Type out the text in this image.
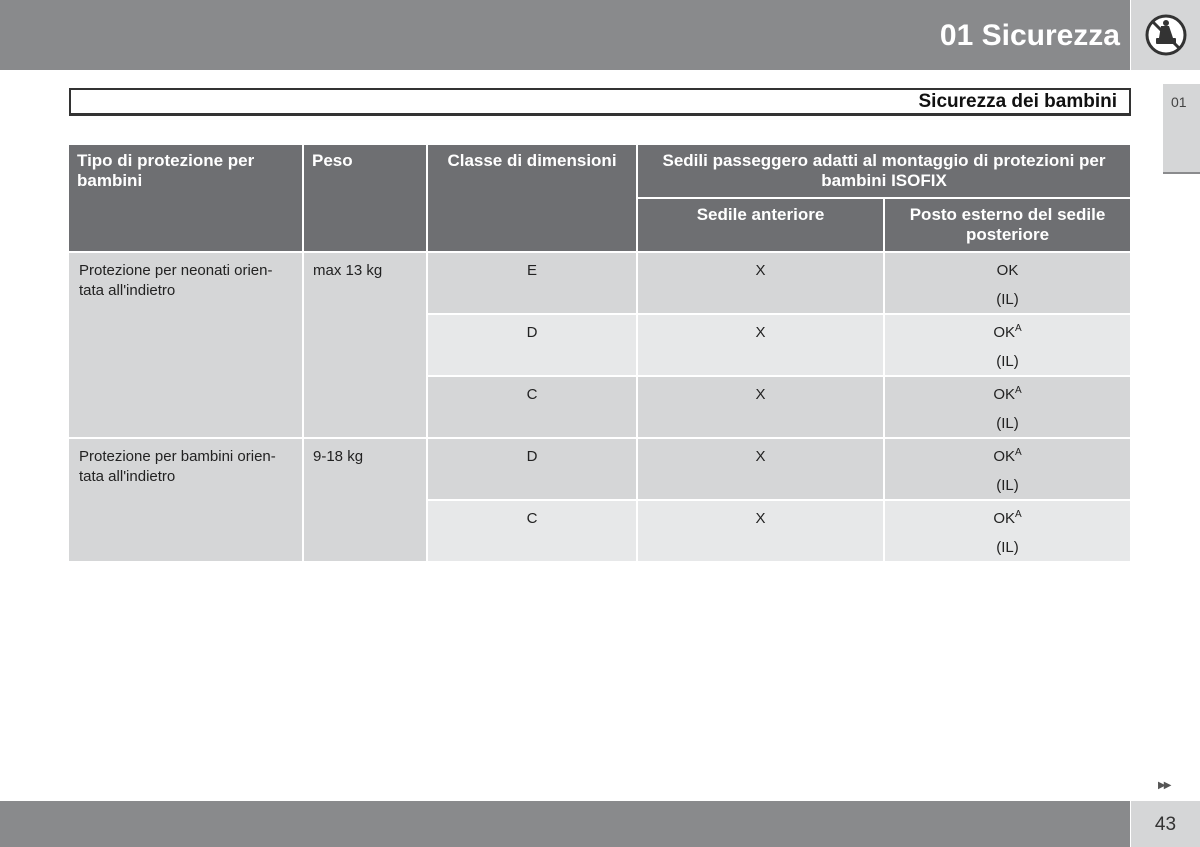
01 Sicurezza
01
Sicurezza dei bambini
Tipo di protezione per bambini	Peso	Classe di dimensioni	Sedili passeggero adatti al montaggio di protezioni per bambini ISOFIX	
			Sedile anteriore	Posto esterno del sedile posteriore
Protezione per neonati orien-tata all'indietro	max 13 kg	E	X	OK
(IL)

		D	X	$OK^A$
(IL)

		C	X	$OK^A$
(IL)

Protezione per bambini orien-tata all'indietro	9-18 kg	D	X	$OK^A$
(IL)

		C	X	$OK^A$
(IL)
▶▶
43
